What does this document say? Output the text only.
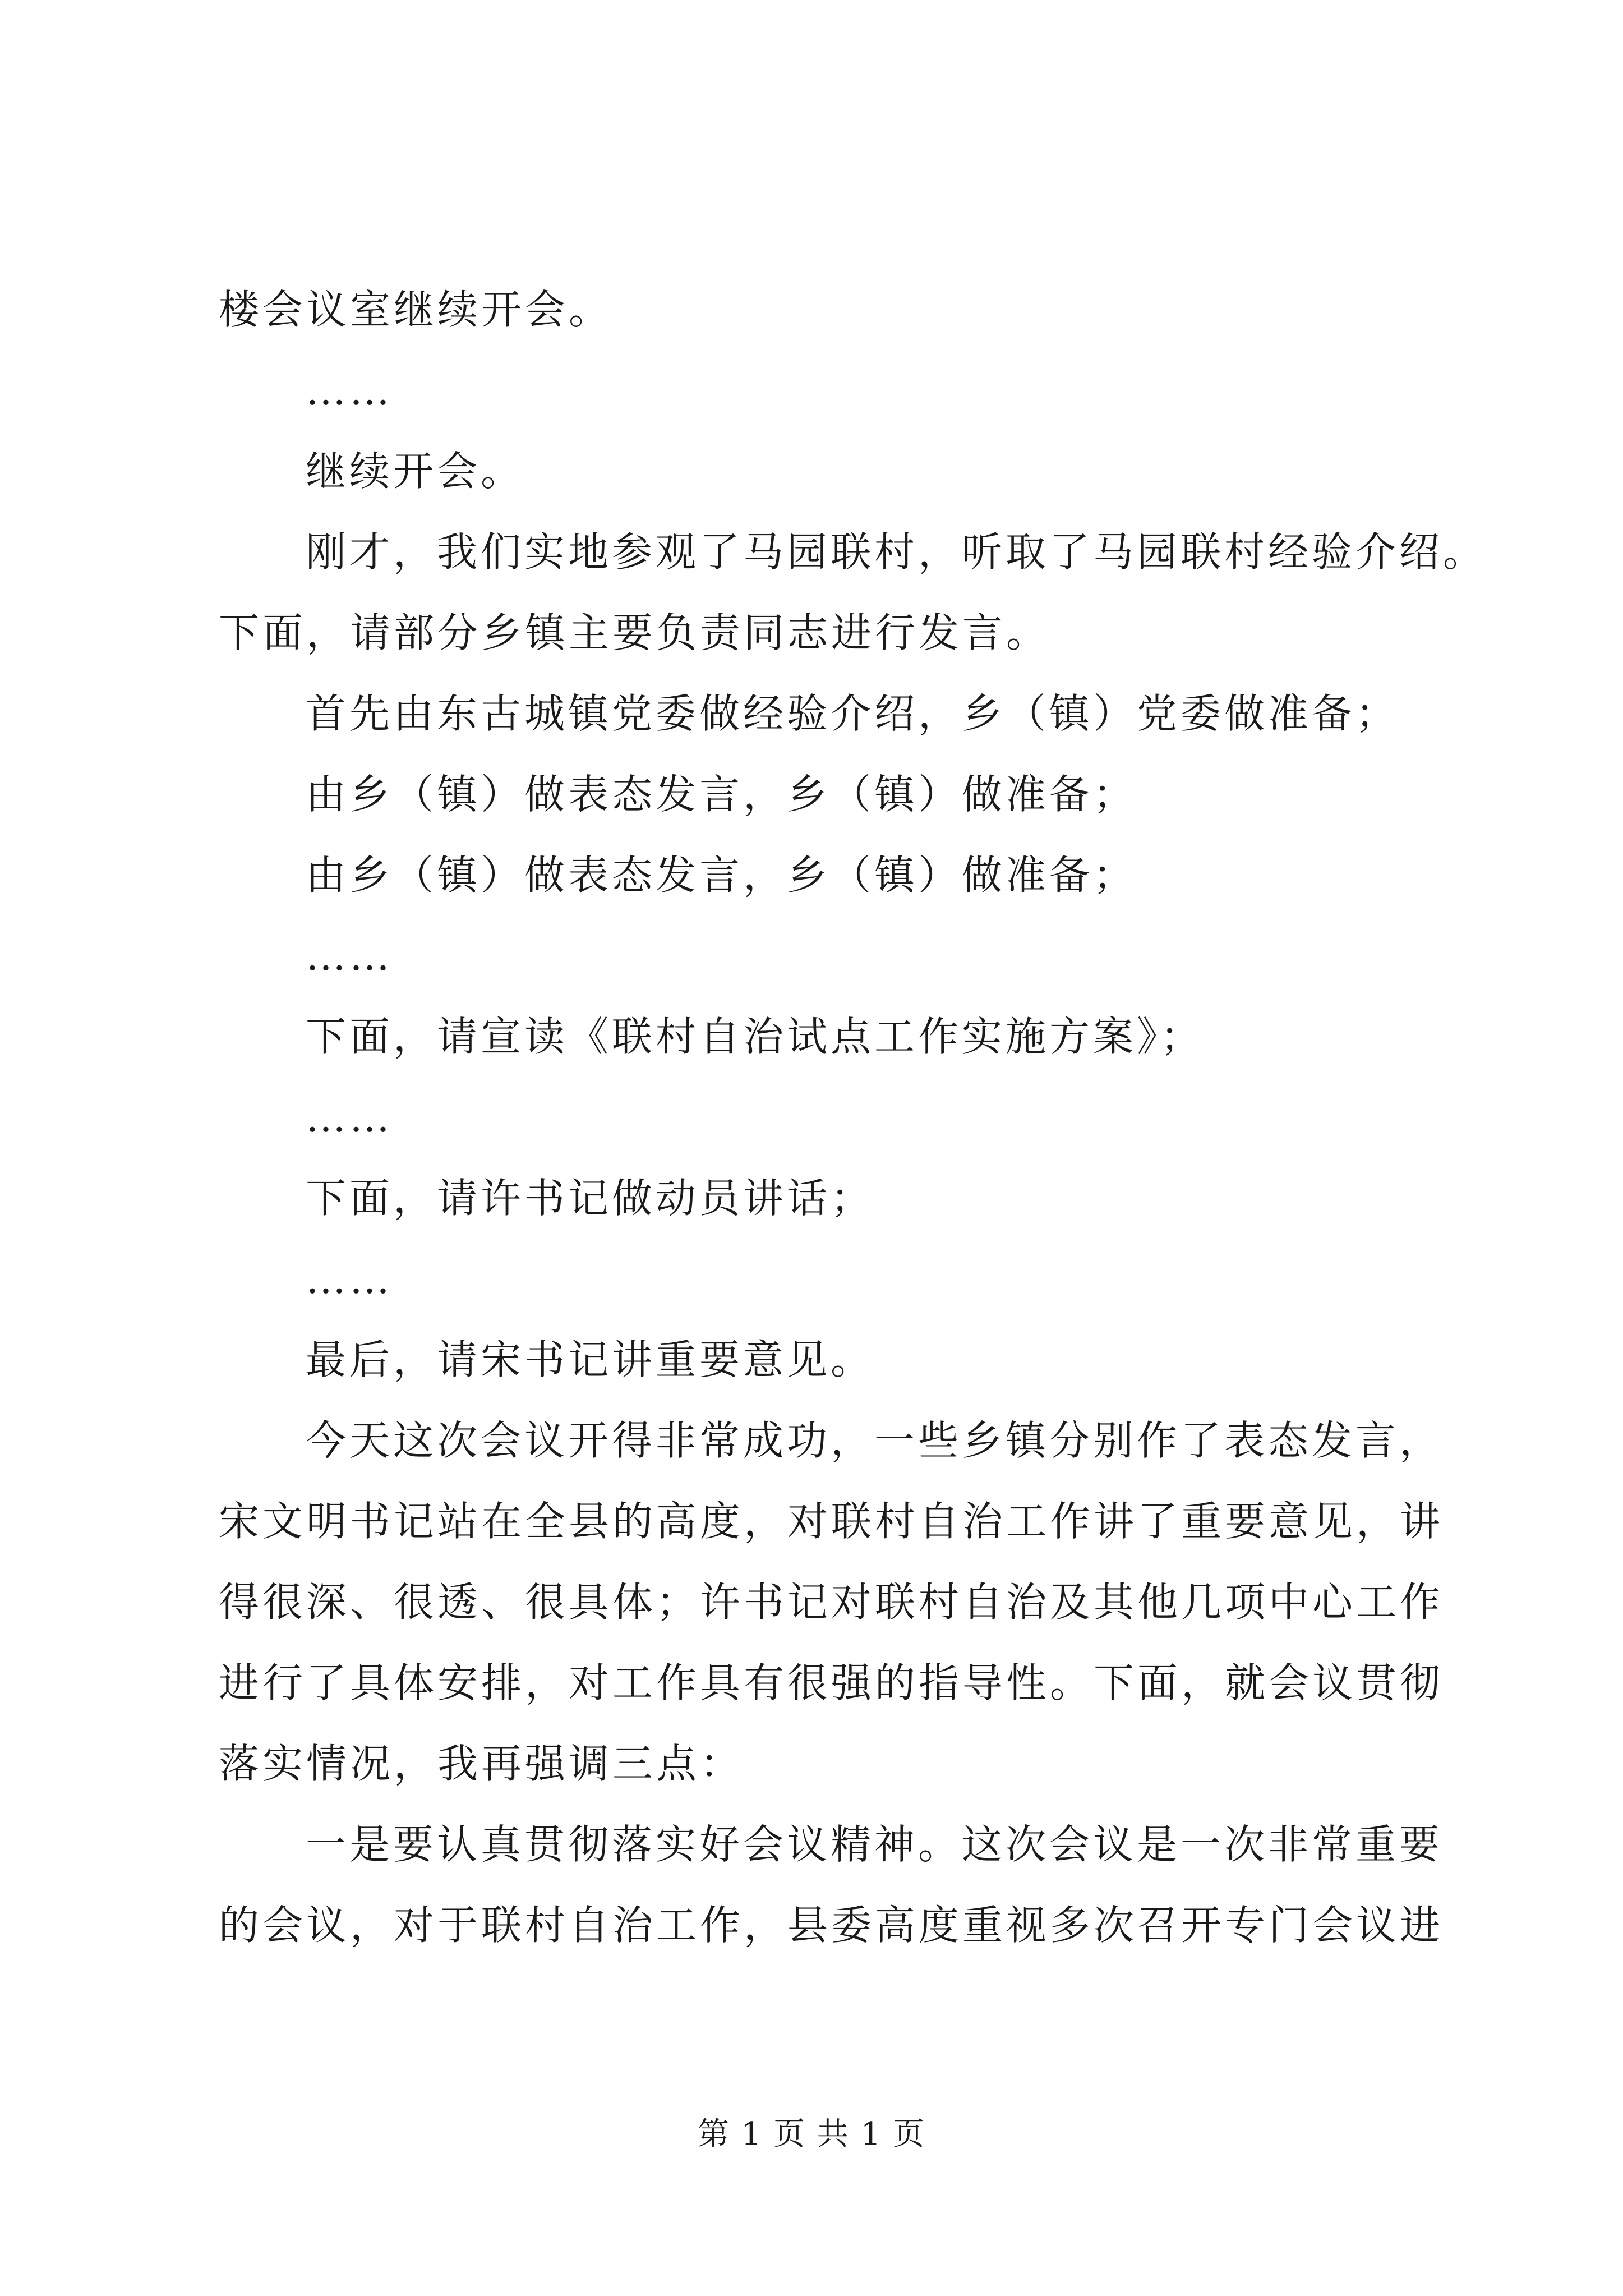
楼会议室继续开会。
……
继续开会。
刚才，我们实地参观了马园联村，听取了马园联村经验介绍。
下面，请部分乡镇主要负责同志进行发言。
首先由东古城镇党委做经验介绍，乡（镇）党委做准备；
由乡（镇）做表态发言，乡（镇）做准备；
由乡（镇）做表态发言，乡（镇）做准备；
……
下面，请宣读《联村自治试点工作实施方案》；
……
下面，请许书记做动员讲话；
……
最后，请宋书记讲重要意见。
今天这次会议开得非常成功，一些乡镇分别作了表态发言，
宋文明书记站在全县的高度，对联村自治工作讲了重要意见，讲
得很深、很透、很具体；许书记对联村自治及其他几项中心工作
进行了具体安排，对工作具有很强的指导性。下面，就会议贯彻
落实情况，我再强调三点：
一是要认真贯彻落实好会议精神。这次会议是一次非常重要
的会议，对于联村自治工作，县委高度重视多次召开专门会议进
第 1 页 共 1 页
